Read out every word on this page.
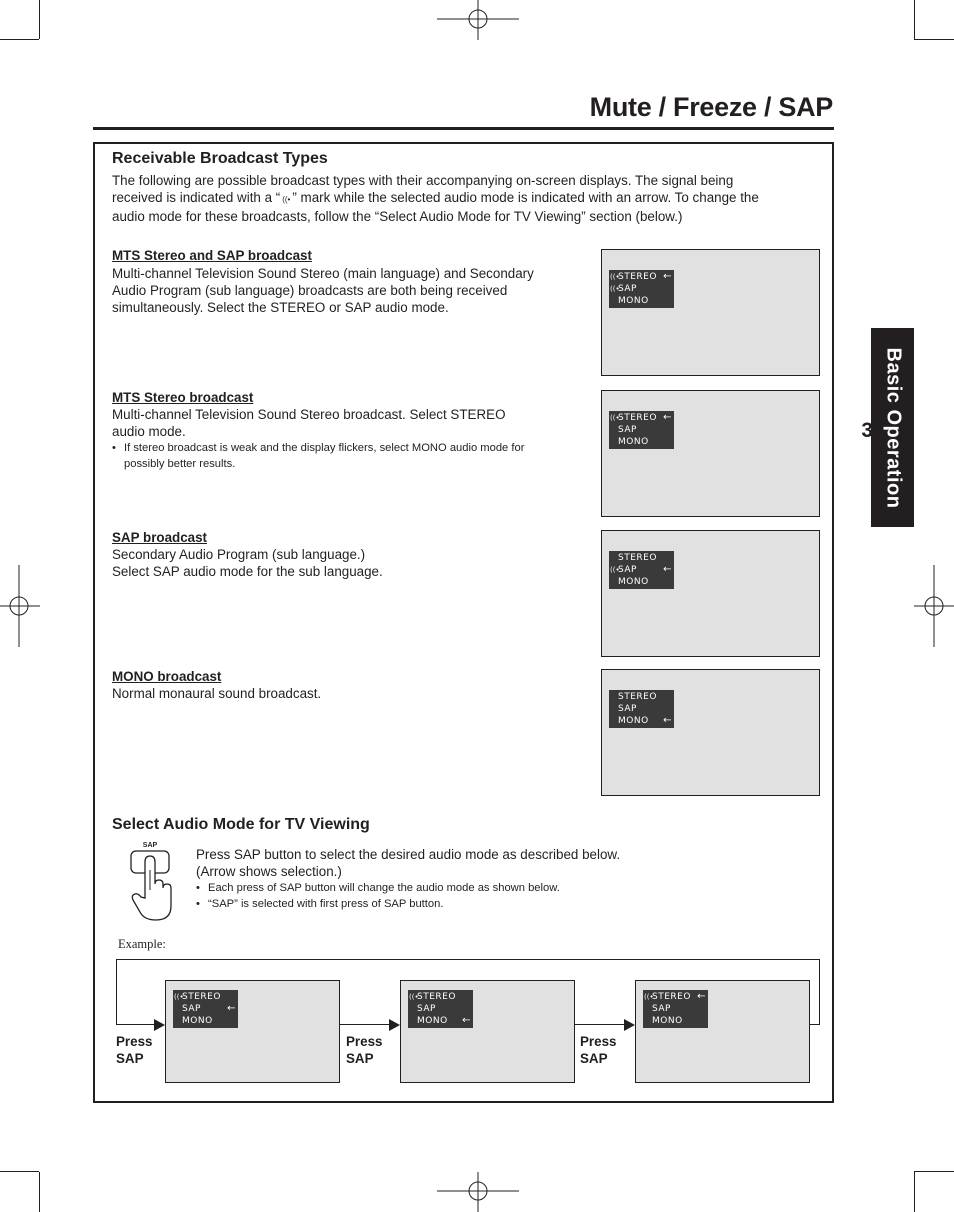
Mute / Freeze / SAP
Basic Operation
37
Receivable Broadcast Types
The following are possible broadcast types with their accompanying on-screen displays. The signal being
received is indicated with a “ ((• ” mark while the selected audio mode is indicated with an arrow. To change the
audio mode for these broadcasts, follow the “Select Audio Mode for TV Viewing” section (below.)
MTS Stereo and SAP broadcast
Multi-channel Television Sound Stereo (main language) and Secondary
Audio Program (sub language) broadcasts are both being received
simultaneously. Select the STEREO or SAP audio mode.
MTS Stereo broadcast
Multi-channel Television Sound Stereo broadcast. Select STEREO
audio mode.
• If stereo broadcast is weak and the display flickers, select MONO audio mode for possibly better results.
SAP broadcast
Secondary Audio Program (sub language.)
Select SAP audio mode for the sub language.
MONO broadcast
Normal monaural sound broadcast.
((•
STEREO ←
((•
SAP
MONO
((•
STEREO ←
SAP
MONO
STEREO
((•
SAP	←
MONO
STEREO
SAP
MONO ←
Select Audio Mode for TV Viewing
SAP
Press SAP button to select the desired audio mode as described below.
(Arrow shows selection.)
• Each press of SAP button will change the audio mode as shown below.
• “SAP” is selected with first press of SAP button.
Example:
Press
SAP
Press
SAP
Press
SAP
((•
STEREO
SAP	←
MONO
((•
STEREO
SAP
MONO ←
((•
STEREO ←
SAP
MONO
